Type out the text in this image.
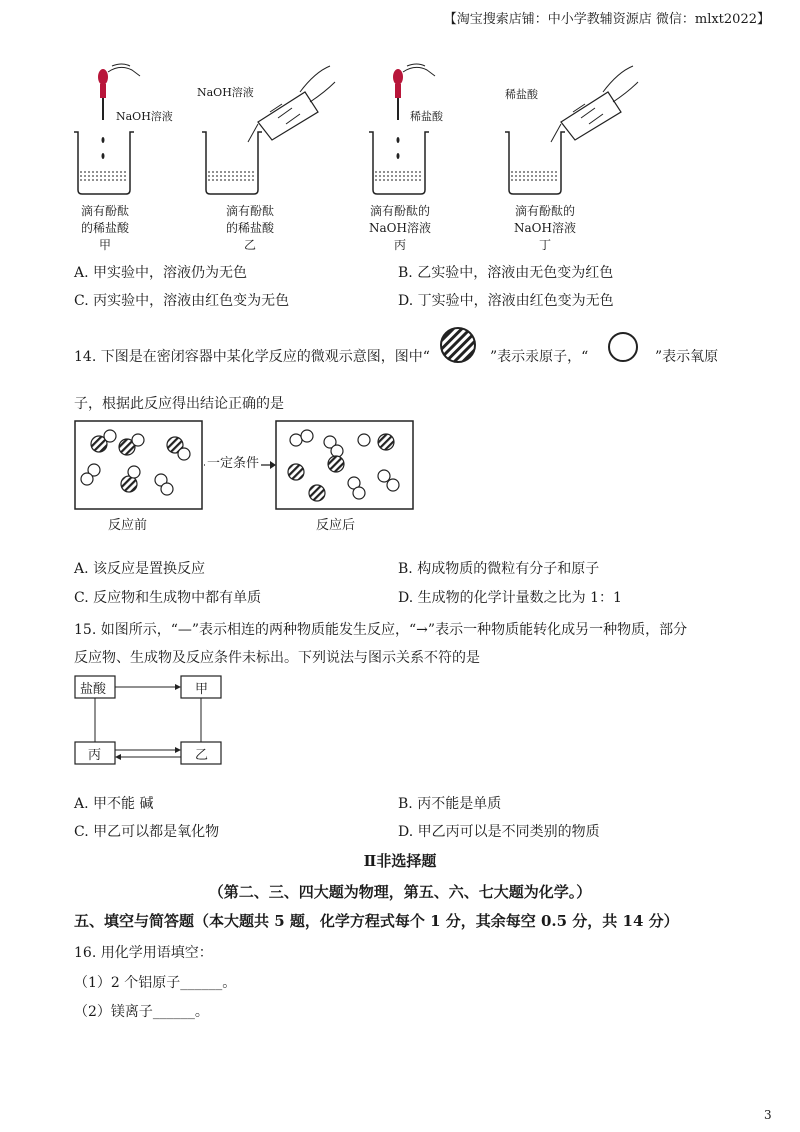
【淘宝搜索店铺：中小学教辅资源店 微信：mlxt2022】
NaOH溶液
NaOH溶液
稀盐酸
稀盐酸
滴有酚酞
的稀盐酸
甲
滴有酚酞
的稀盐酸
乙
滴有酚酞的
NaOH溶液
丙
滴有酚酞的
NaOH溶液
丁
A. 甲实验中，溶液仍为无色	B. 乙实验中，溶液由无色变为红色
C. 丙实验中，溶液由红色变为无色	D. 丁实验中，溶液由红色变为无色
14. 下图是在密闭容器中某化学反应的微观示意图，图中“	”表示汞原子，“	”表示氧原
子，根据此反应得出结论正确的是
一定条件
反应前	反应后
A. 该反应是置换反应	B. 构成物质的微粒有分子和原子
C. 反应物和生成物中都有单质	D. 生成物的化学计量数之比为 1：1
15. 如图所示，“—”表示相连的两种物质能发生反应，“→”表示一种物质能转化成另一种物质，部分
反应物、生成物及反应条件未标出。下列说法与图示关系不符的是
盐酸	甲
丙	乙
A. 甲不能 碱	B. 丙不能是单质
C. 甲乙可以都是氧化物	D. 甲乙丙可以是不同类别的物质
Ⅱ非选择题
（第二、三、四大题为物理，第五、六、七大题为化学。）
五、填空与简答题（本大题共 5 题，化学方程式每个 1 分，其余每空 0.5 分，共 14 分）
16. 用化学用语填空：
（1）2 个铝原子______。
（2）镁离子______。
3
